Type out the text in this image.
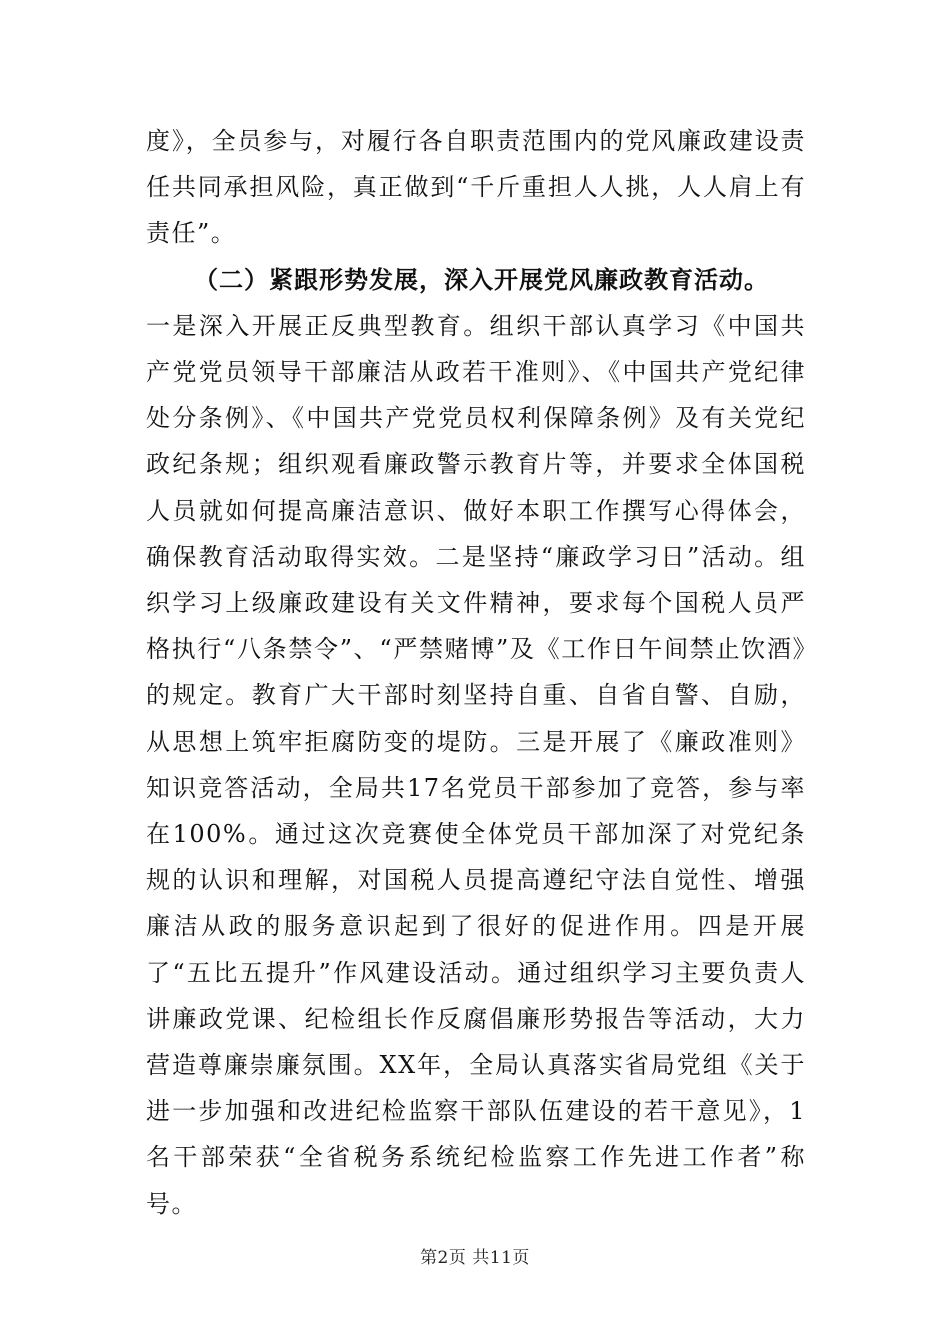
度》，全员参与，对履行各自职责范围内的党风廉政建设责任共同承担风险，真正做到“千斤重担人人挑，人人肩上有责任”。

（二）紧跟形势发展，深入开展党风廉政教育活动。

一是深入开展正反典型教育。组织干部认真学习《中国共产党党员领导干部廉洁从政若干准则》、《中国共产党纪律处分条例》、《中国共产党党员权利保障条例》及有关党纪政纪条规；组织观看廉政警示教育片等，并要求全体国税人员就如何提高廉洁意识、做好本职工作撰写心得体会，确保教育活动取得实效。二是坚持“廉政学习日”活动。组织学习上级廉政建设有关文件精神，要求每个国税人员严格执行“八条禁令”、“严禁赌博”及《工作日午间禁止饮酒》的规定。教育广大干部时刻坚持自重、自省自警、自励，从思想上筑牢拒腐防变的堤防。三是开展了《廉政准则》知识竞答活动，全局共17名党员干部参加了竞答，参与率在100%。通过这次竞赛使全体党员干部加深了对党纪条规的认识和理解，对国税人员提高遵纪守法自觉性、增强廉洁从政的服务意识起到了很好的促进作用。四是开展了“五比五提升”作风建设活动。通过组织学习主要负责人讲廉政党课、纪检组长作反腐倡廉形势报告等活动，大力营造尊廉崇廉氛围。XX年，全局认真落实省局党组《关于进一步加强和改进纪检监察干部队伍建设的若干意见》，1名干部荣获“全省税务系统纪检监察工作先进工作者”称号。

第2页 共11页
